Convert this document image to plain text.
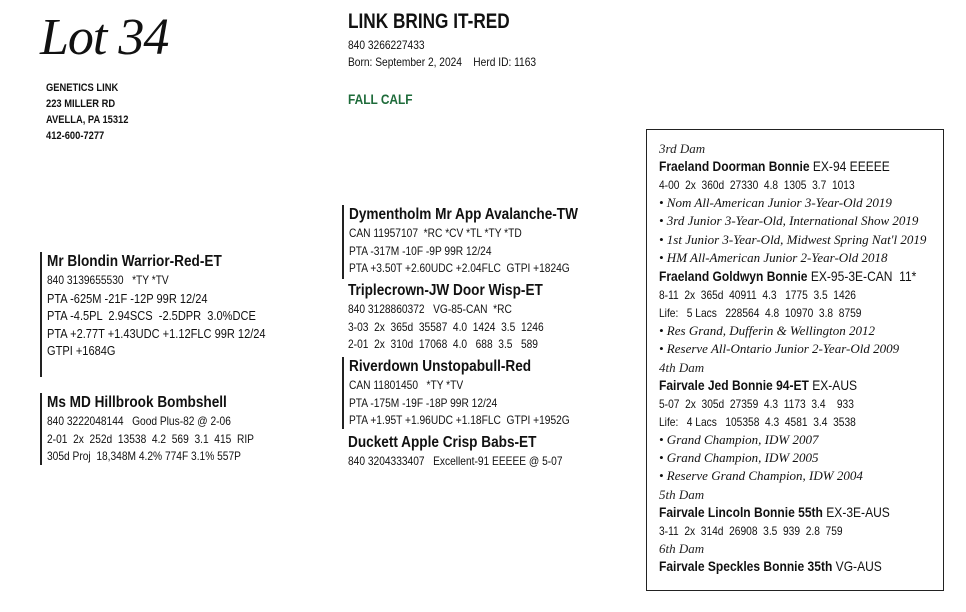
Lot 34
GENETICS LINK
223 MILLER RD
AVELLA, PA 15312
412-600-7277
LINK BRING IT-RED
840 3266227433
Born: September 2, 2024    Herd ID: 1163
FALL CALF
Mr Blondin Warrior-Red-ET
840 3139655530   *TY *TV
PTA -625M -21F -12P 99R 12/24
PTA -4.5PL  2.94SCS  -2.5DPR  3.0%DCE
PTA +2.77T +1.43UDC +1.12FLC 99R 12/24
GTPI +1684G
Ms MD Hillbrook Bombshell
840 3222048144   Good Plus-82 @ 2-06
2-01  2x  252d  13538  4.2  569  3.1  415  RIP
305d Proj  18,348M 4.2% 774F 3.1% 557P
Dymentholm Mr App Avalanche-TW
CAN 11957107  *RC *CV *TL *TY *TD
PTA -317M -10F -9P 99R 12/24
PTA +3.50T +2.60UDC +2.04FLC  GTPI +1824G
Triplecrown-JW Door Wisp-ET
840 3128860372   VG-85-CAN  *RC
3-03  2x  365d  35587  4.0  1424  3.5  1246
2-01  2x  310d  17068  4.0   688  3.5   589
Riverdown Unstopabull-Red
CAN 11801450   *TY *TV
PTA -175M -19F -18P 99R 12/24
PTA +1.95T +1.96UDC +1.18FLC  GTPI +1952G
Duckett Apple Crisp Babs-ET
840 3204333407   Excellent-91 EEEEE @ 5-07
3rd Dam
Fraeland Doorman Bonnie EX-94 EEEEE
4-00  2x  360d  27330  4.8  1305  3.7  1013
• Nom All-American Junior 3-Year-Old 2019
• 3rd Junior 3-Year-Old, International Show 2019
• 1st Junior 3-Year-Old, Midwest Spring Nat'l 2019
• HM All-American Junior 2-Year-Old 2018
Fraeland Goldwyn Bonnie EX-95-3E-CAN  11*
8-11  2x  365d  40911  4.3   1775  3.5  1426
Life:   5 Lacs   228564  4.8  10970  3.8  8759
• Res Grand, Dufferin & Wellington 2012
• Reserve All-Ontario Junior 2-Year-Old 2009
4th Dam
Fairvale Jed Bonnie 94-ET EX-AUS
5-07  2x  305d  27359  4.3  1173  3.4    933
Life:   4 Lacs   105358  4.3  4581  3.4  3538
• Grand Champion, IDW 2007
• Grand Champion, IDW 2005
• Reserve Grand Champion, IDW 2004
5th Dam
Fairvale Lincoln Bonnie 55th EX-3E-AUS
3-11  2x  314d  26908  3.5  939  2.8  759
6th Dam
Fairvale Speckles Bonnie 35th VG-AUS
